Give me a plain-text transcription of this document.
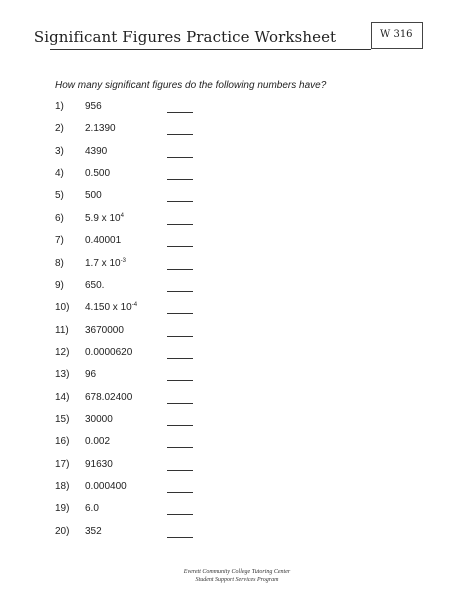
Significant Figures Practice Worksheet	W 316
How many significant figures do the following numbers have?
1) 956
2) 2.1390
3) 4390
4) 0.500
5) 500
6) 5.9 x $10^4$
7) 0.40001
8) 1.7 x $10^{-3}$
9) 650.
10) 4.150 x $10^{-4}$
11) 3670000
12) 0.0000620
13) 96
14) 678.02400
15) 30000
16) 0.002
17) 91630
18) 0.000400
19) 6.0
20) 352
Everett Community College Tutoring Center
Student Support Services Program
